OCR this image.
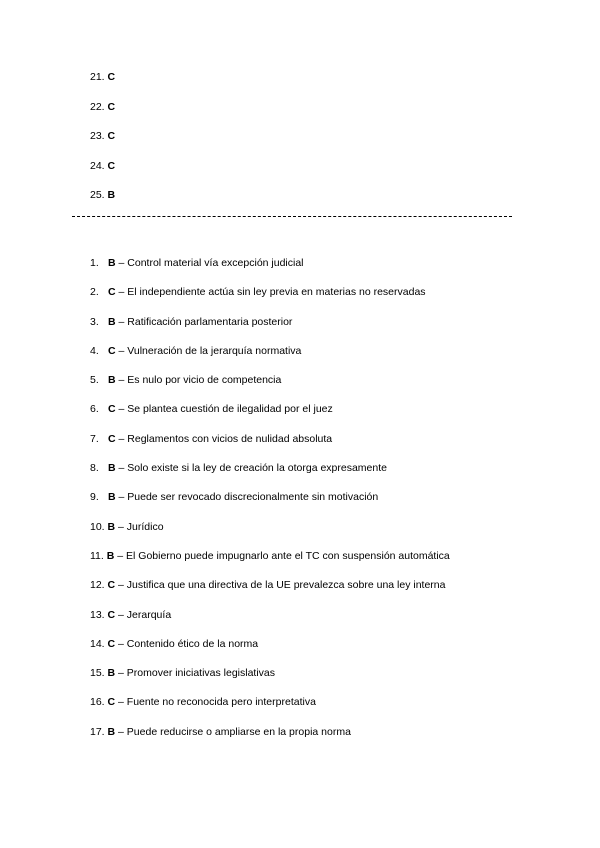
21. C
22. C
23. C
24. C
25. B
1. B – Control material vía excepción judicial
2. C – El independiente actúa sin ley previa en materias no reservadas
3. B – Ratificación parlamentaria posterior
4. C – Vulneración de la jerarquía normativa
5. B – Es nulo por vicio de competencia
6. C – Se plantea cuestión de ilegalidad por el juez
7. C – Reglamentos con vicios de nulidad absoluta
8. B – Solo existe si la ley de creación la otorga expresamente
9. B – Puede ser revocado discrecionalmente sin motivación
10. B – Jurídico
11. B – El Gobierno puede impugnarlo ante el TC con suspensión automática
12. C – Justifica que una directiva de la UE prevalezca sobre una ley interna
13. C – Jerarquía
14. C – Contenido ético de la norma
15. B – Promover iniciativas legislativas
16. C – Fuente no reconocida pero interpretativa
17. B – Puede reducirse o ampliarse en la propia norma
